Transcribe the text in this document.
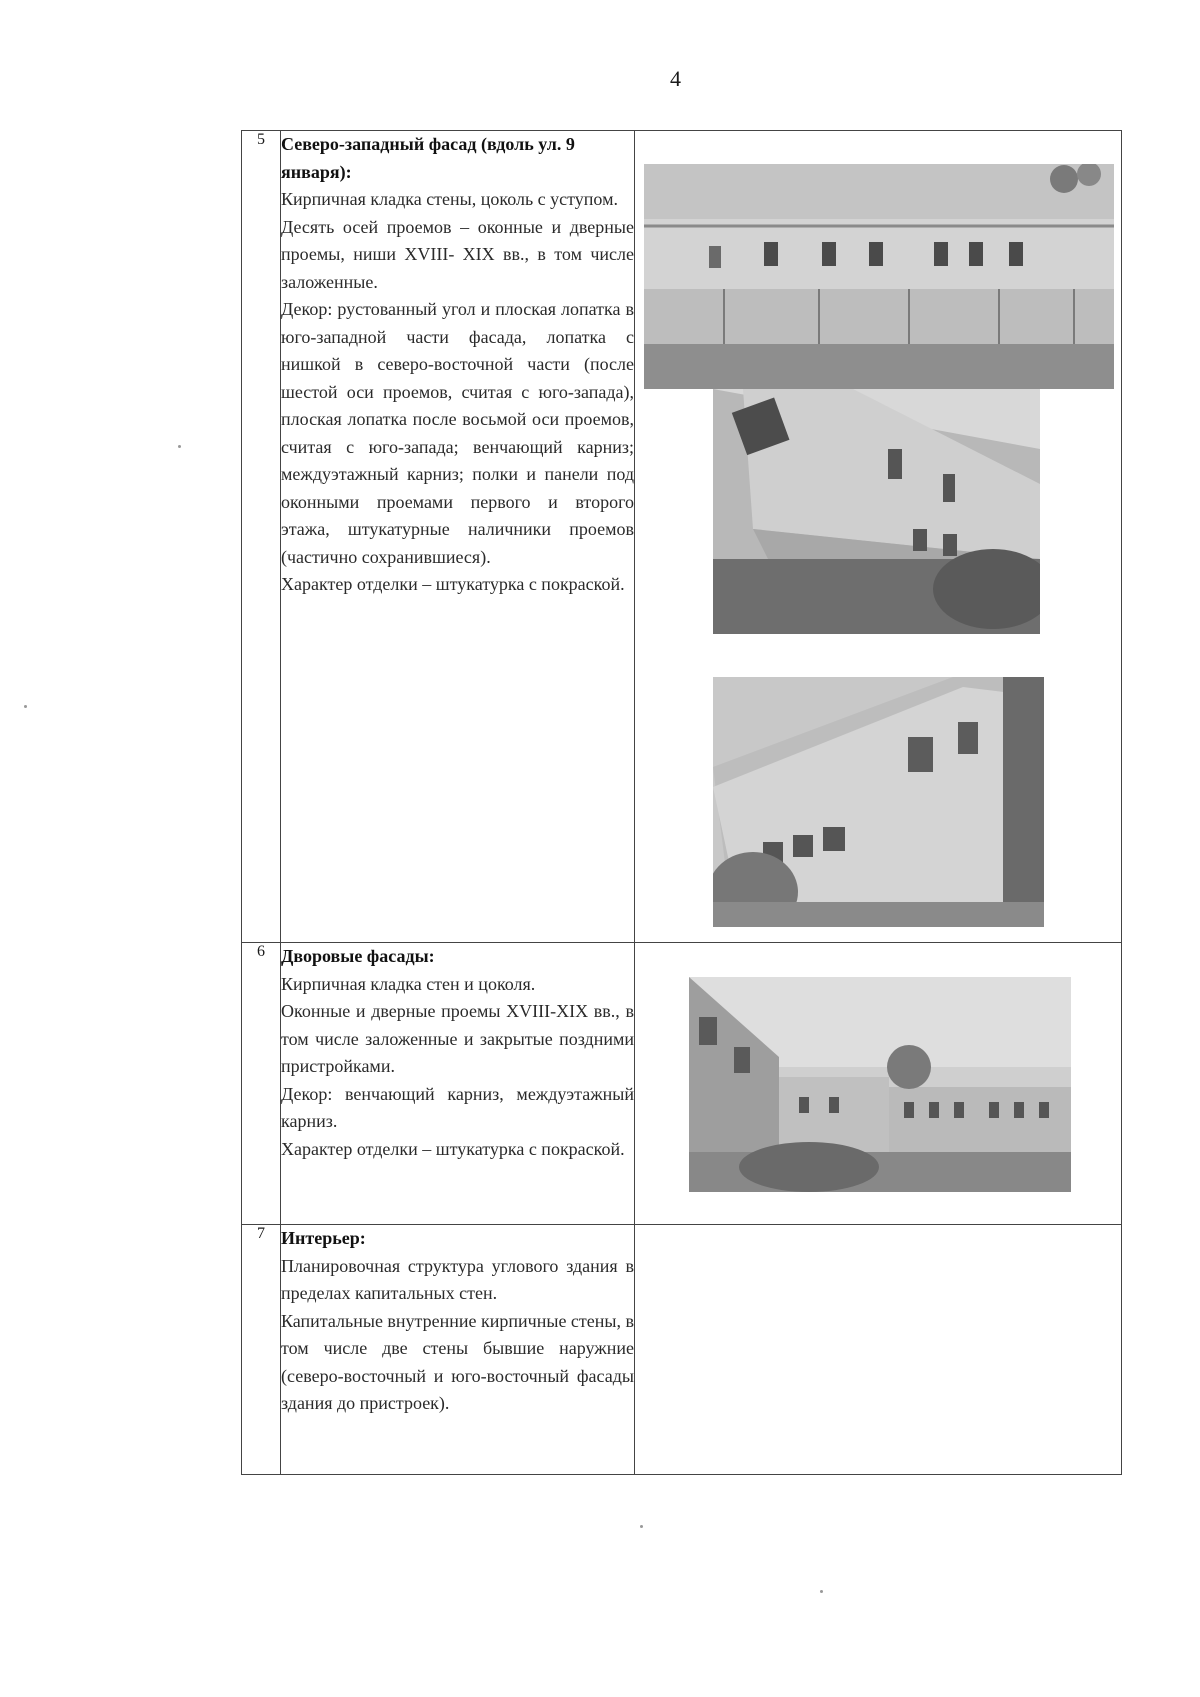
4
5	Северо-западный фасад (вдоль ул. 9 января):

Кирпичная кладка стены, цоколь с уступом.

Десять осей проемов – оконные и дверные проемы, ниши XVIII- XIX вв., в том числе заложенные.

Декор: рустованный угол и плоская лопатка в юго-западной части фасада, лопатка с нишкой в северо-восточной части (после шестой оси проемов, считая с юго-запада), плоская лопатка после восьмой оси проемов, считая с юго-запада; венчающий карниз; междуэтажный карниз; полки и панели под оконными проемами первого и второго этажа, штукатурные наличники проемов (частично сохранившиеся).

Характер отделки – штукатурка с покраской.

6	Дворовые фасады:

Кирпичная кладка стен и цоколя.

Оконные и дверные проемы XVIII-XIX вв., в том числе заложенные и закрытые поздними пристройками.

Декор: венчающий карниз, междуэтажный карниз.

Характер отделки – штукатурка с покраской.

7	Интерьер:

Планировочная структура углового здания в пределах капитальных стен.

Капитальные внутренние кирпичные стены, в том числе две стены бывшие наружние (северо-восточный и юго-восточный фасады здания до пристроек).	
